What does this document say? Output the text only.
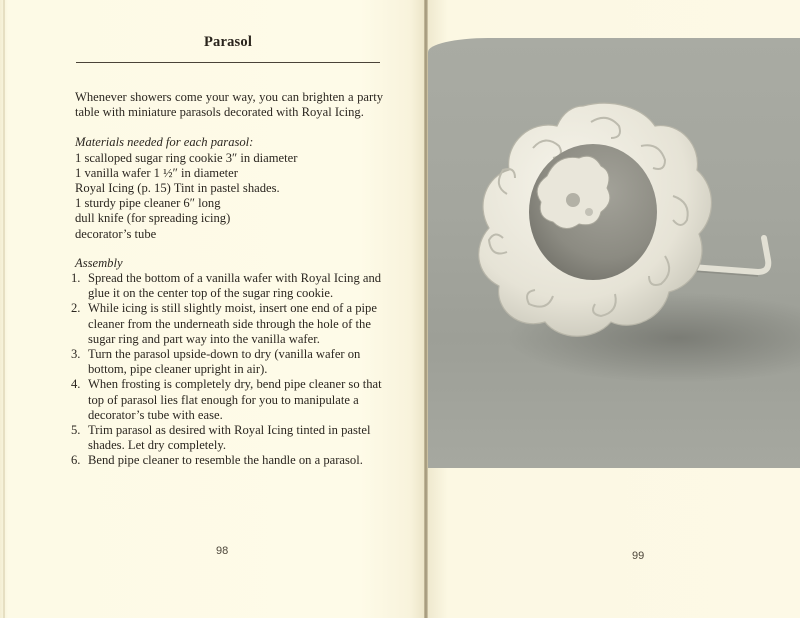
Parasol

Whenever showers come your way, you can brighten a party table with miniature parasols decorated with Royal Icing.

Materials needed for each parasol:

1 scalloped sugar ring cookie 3″ in diameter
1 vanilla wafer 1 ½″ in diameter
Royal Icing (p. 15) Tint in pastel shades.
1 sturdy pipe cleaner 6″ long
dull knife (for spreading icing)
decorator’s tube

Assembly

1. Spread the bottom of a vanilla wafer with Royal Icing and glue it on the center top of the sugar ring cookie.
2. While icing is still slightly moist, insert one end of a pipe cleaner from the underneath side through the hole of the sugar ring and part way into the vanilla wafer.
3. Turn the parasol upside-down to dry (vanilla wafer on bottom, pipe cleaner upright in air).
4. When frosting is completely dry, bend pipe cleaner so that top of parasol lies flat enough for you to manipulate a decorator’s tube with ease.
5. Trim parasol as desired with Royal Icing tinted in pastel shades. Let dry completely.
6. Bend pipe cleaner to resemble the handle on a parasol.
98	99
